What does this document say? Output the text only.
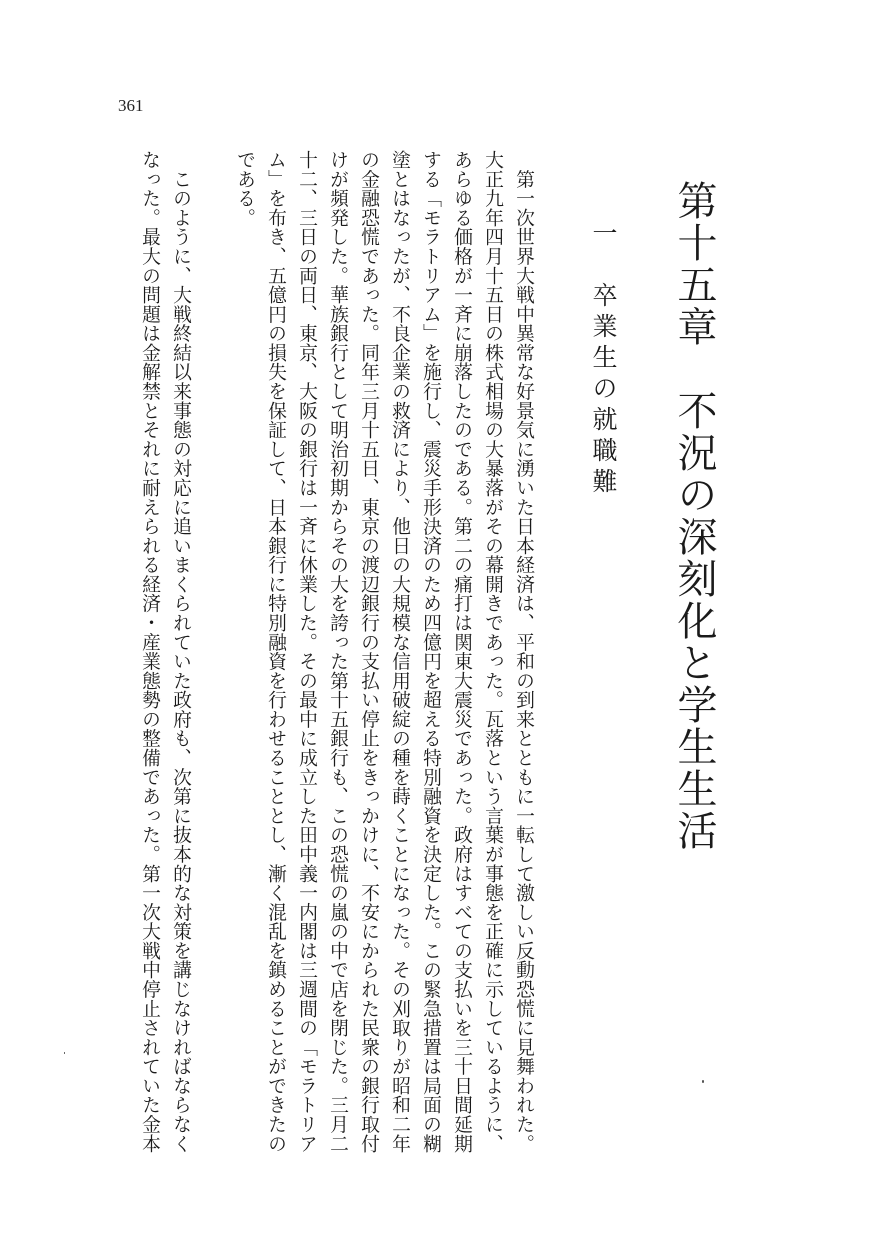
361
第十五章　不況の深刻化と学生生活
一　卒業生の就職難
　第一次世界大戦中異常な好景気に湧いた日本経済は、平和の到来とともに一転して激しい反動恐慌に見舞われた。
大正九年四月十五日の株式相場の大暴落がその幕開きであった。瓦落という言葉が事態を正確に示しているように、
あらゆる価格が一斉に崩落したのである。第二の痛打は関東大震災であった。政府はすべての支払いを三十日間延期
する「モラトリアム」を施行し、震災手形決済のため四億円を超える特別融資を決定した。この緊急措置は局面の糊
塗とはなったが、不良企業の救済により、他日の大規模な信用破綻の種を蒔くことになった。その刈取りが昭和二年
の金融恐慌であった。同年三月十五日、東京の渡辺銀行の支払い停止をきっかけに、不安にかられた民衆の銀行取付
けが頻発した。華族銀行として明治初期からその大を誇った第十五銀行も、この恐慌の嵐の中で店を閉じた。三月二
十二、三日の両日、東京、大阪の銀行は一斉に休業した。その最中に成立した田中義一内閣は三週間の「モラトリア
ム」を布き、五億円の損失を保証して、日本銀行に特別融資を行わせることとし、漸く混乱を鎮めることができたの
である。
　このように、大戦終結以来事態の対応に追いまくられていた政府も、次第に抜本的な対策を講じなければならなく
なった。最大の問題は金解禁とそれに耐えられる経済・産業態勢の整備であった。第一次大戦中停止されていた金本
